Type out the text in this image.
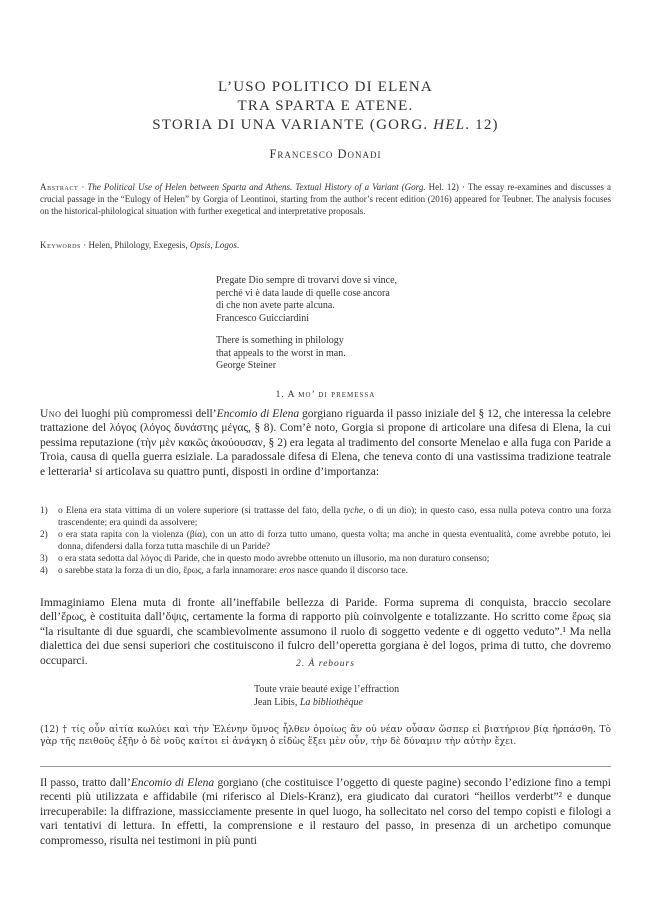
L’USO POLITICO DI ELENA
TRA SPARTA E ATENE.
STORIA DI UNA VARIANTE (GORG. HEL. 12)
Francesco Donadi
Abstract · The Political Use of Helen between Sparta and Athens. Textual History of a Variant (Gorg. Hel. 12) · The essay re-examines and discusses a crucial passage in the “Eulogy of Helen” by Gorgia of Leontinoi, starting from the author’s recent edition (2016) appeared for Teubner. The analysis focuses on the historical-philological situation with further exegetical and interpretative proposals.
Keywords · Helen, Philology, Exegesis, Opsis, Logos.
Pregate Dio sempre di trovarvi dove si vince,
perché vi è data laude di quelle cose ancora
di che non avete parte alcuna.
Francesco Guicciardini
There is something in philology
that appeals to the worst in man.
George Steiner
1. A mo’ di premessa
Uno dei luoghi più compromessi dell’Encomio di Elena gorgiano riguarda il passo iniziale del § 12, che interessa la celebre trattazione del λόγος (λόγος δυνάστης μέγας, § 8). Com’è noto, Gorgia si propone di articolare una difesa di Elena, la cui pessima reputazione (τὴν μὲν κακῶς ἀκούουσαν, § 2) era legata al tradimento del consorte Menelao e alla fuga con Paride a Troia, causa di quella guerra esiziale. La paradossale difesa di Elena, che teneva conto di una vastissima tradizione teatrale e letteraria¹ si articolava su quattro punti, disposti in ordine d’importanza:
1) o Elena era stata vittima di un volere superiore (si trattasse del fato, della tyche, o di un dio); in questo caso, essa nulla poteva contro una forza trascendente; era quindi da assolvere;
2) o era stata rapita con la violenza (βία), con un atto di forza tutto umano, questa volta; ma anche in questa eventualità, come avrebbe potuto, lei donna, difendersi dalla forza tutta maschile di un Paride?
3) o era stata sedotta dal λόγος di Paride, che in questo modo avrebbe ottenuto un illusorio, ma non duraturo consenso;
4) o sarebbe stata la forza di un dio, ἔρως, a farla innamorare: eros nasce quando il discorso tace.
Immaginiamo Elena muta di fronte all’ineffabile bellezza di Paride. Forma suprema di conquista, braccio secolare dell’ἔρως, è costituita dall’ὄψις, certamente la forma di rapporto più coinvolgente e totalizzante. Ho scritto come ἔρως sia “la risultante di due sguardi, che scambievolmente assumono il ruolo di soggetto vedente e di oggetto veduto”.¹ Ma nella dialettica dei due sensi superiori che costituiscono il fulcro dell’operetta gorgiana è del logos, prima di tutto, che dovremo occuparci.	2. À rebours
Toute vraie beauté exige l’effraction
Jean Libis, La bibliothèque
(12) † τίς οὖν αἰτία κωλύει καὶ τὴν Ἑλένην ὕμνος ἦλθεν ὁμοίως ἂν οὐ νέαν οὖσαν ὥσπερ εἰ βιατήριον βίᾳ ἡρπάσθη. Τὸ γὰρ τῆς πειθοῦς ἐξῆν ὁ δὲ νοῦς καίτοι εἰ ἀνάγκη ὁ εἰδὼς ἕξει μὲν οὖν, τὴν δὲ δύναμιν τὴν αὐτὴν ἔχει.
Il passo, tratto dall’Encomio di Elena gorgiano (che costituisce l’oggetto di queste pagine) secondo l’edizione fino a tempi recenti più utilizzata e affidabile (mi riferisco al Diels-Kranz), era giudicato dai curatori “heillos verderbt”² e dunque irrecuperabile: la diffrazione, massicciamente presente in quel luogo, ha sollecitato nel corso del tempo copisti e filologi a vari tentativi di lettura. In effetti, la comprensione e il restauro del passo, in presenza di un archetipo comunque compromesso, risulta nei testimoni in più punti
